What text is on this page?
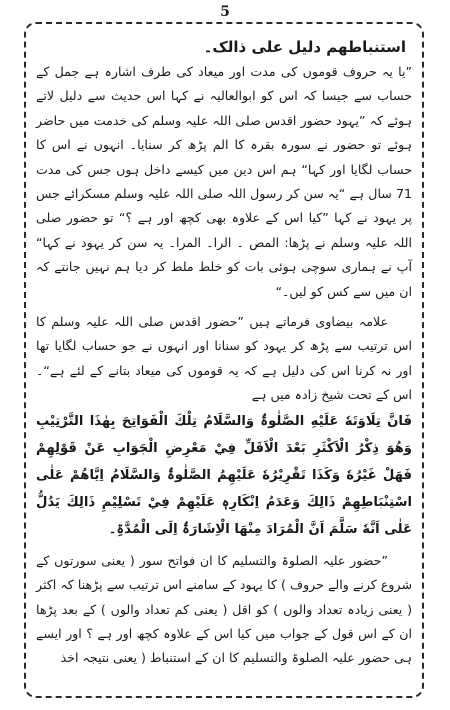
5

استنباطهم دلیل علی ذالک۔

”یا یہ حروف قوموں کی مدت اور میعاد کی طرف اشارہ ہے جمل کے حساب سے جیسا کہ اس کو ابوالعالیہ نے کہا اس حدیث سے دلیل لاتے ہوئے کہ ”یہود حضور اقدس صلی اللہ علیہ وسلم کی خدمت میں حاضر ہوئے تو حضور نے سورہ بقرہ کا الم پڑھ کر سنایا۔ انہوں نے اس کا حساب لگایا اور کہا“ ہم اس دین میں کیسے داخل ہوں جس کی مدت 71 سال ہے “یہ سن کر رسول اللہ صلی اللہ علیہ وسلم مسکرائے جس پر یہود نے کہا ”کیا اس کے علاوہ بھی کچھ اور ہے ؟“ تو حضور صلی اللہ علیہ وسلم نے پڑھا: المص ۔ الرا۔ المرا۔ یہ سن کر یہود نے کہا“ آپ نے ہماری سوچی ہوئی بات کو خلط ملط کر دیا ہم نہیں جانتے کہ ان میں سے کس کو لیں۔“

علامہ بیضاوی فرماتے ہیں ”حضور اقدس صلی اللہ علیہ وسلم کا اس ترتیب سے پڑھ کر یہود کو سنانا اور انہوں نے جو حساب لگایا تھا اور نہ کرنا اس کی دلیل ہے کہ یہ قوموں کی میعاد بتانے کے لئے ہے“۔ اس کے تحت شیخ زادہ میں ہے

فَانَّ تِلَاوَتَهٗ عَلَيْهِ الصَّلٰوۃُ وَالسَّلَامُ تِلْكَ الْفَوَاتِحَ بِهٰذَا التَّرْتِيْبِ وَهُوَ ذِكْرُ الْاَكْثَرِ بَعْدَ الْاَقَلِّ فِيْ مَعْرِضِ الْجَوَابِ عَنْ قَوْلِهِمْ فَهَلْ غَيْرُهٗ وَكَذَا تَقْرِيْرُهٗ عَلَيْهِمُ الصَّلٰوۃُ وَالسَّلَامُ اِيَّاهُمْ عَلٰى اسْتِنْبَاطِهِمْ ذَالِكَ وَعَدَمُ اِنْكَارِهٖ عَلَيْهِمْ فِيْ تَسْلِيْمِ ذَالِكَ يَدُلُّ عَلٰى اَنَّهٗ سَلَّمَ اَنَّ الْمُرَادَ مِنْهَا الْاِشَارَۃُ اِلَى الْمُدَّۃِ۔

”حضور علیہ الصلوۃ والتسلیم کا ان فواتح سور ( یعنی سورتوں کے شروع کرنے والے حروف ) کا یہود کے سامنے اس ترتیب سے پڑھنا کہ اکثر ( یعنی زیادہ تعداد والوں ) کو اقل ( یعنی کم تعداد والوں ) کے بعد پڑھا ان کے اس قول کے جواب میں کیا اس کے علاوہ کچھ اور ہے ؟ اور ایسے ہی حضور علیہ الصلوۃ والتسلیم کا ان کے استنباط ( یعنی نتیجہ اخذ
